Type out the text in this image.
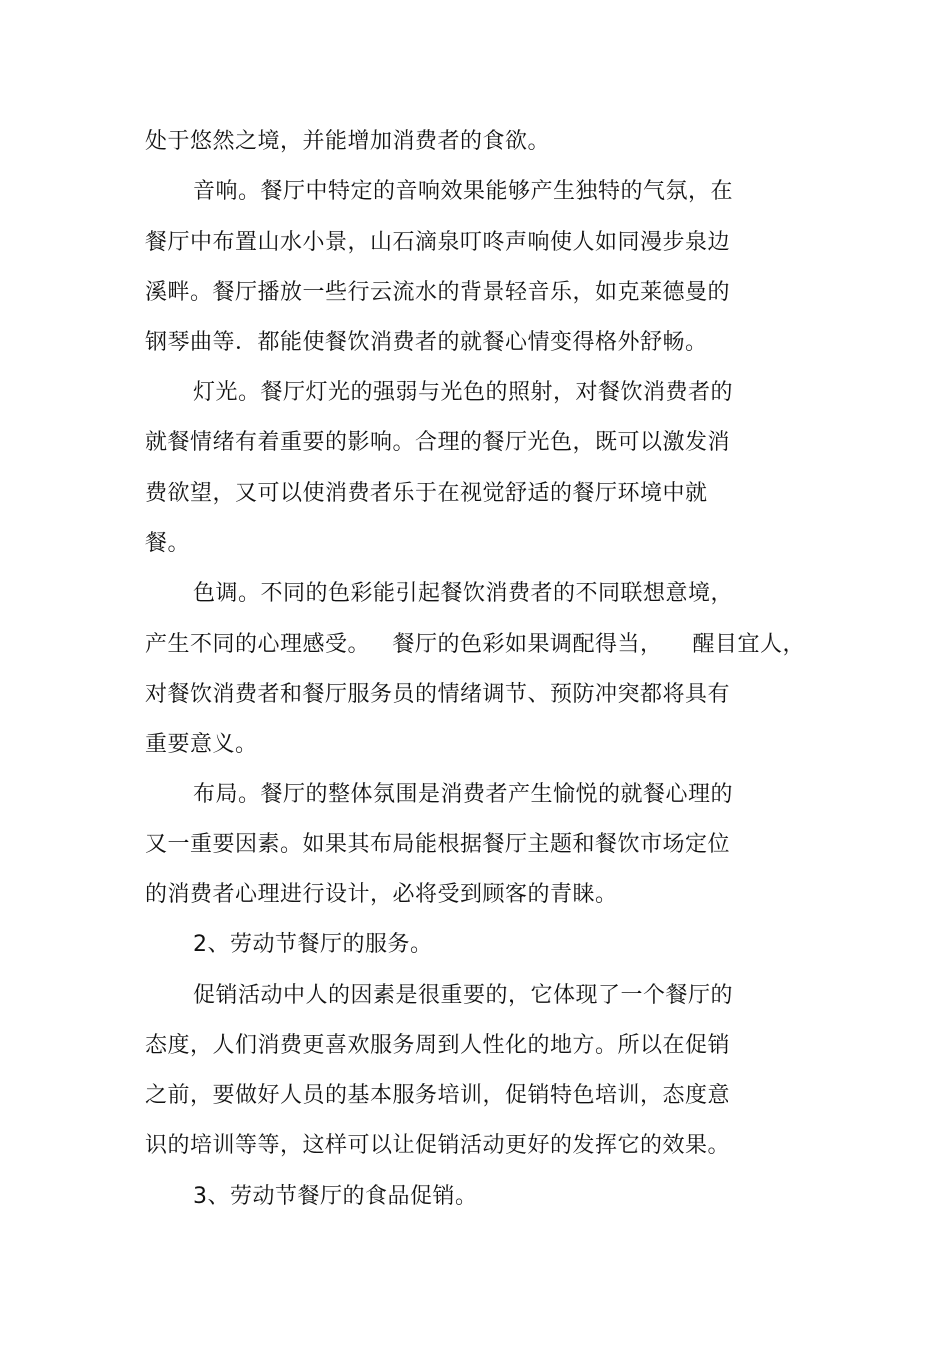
处于悠然之境，并能增加消费者的食欲。
音响。餐厅中特定的音响效果能够产生独特的气氛，在
餐厅中布置山水小景，山石滴泉叮咚声响使人如同漫步泉边
溪畔。餐厅播放一些行云流水的背景轻音乐，如克莱德曼的
钢琴曲等．都能使餐饮消费者的就餐心情变得格外舒畅。
灯光。餐厅灯光的强弱与光色的照射，对餐饮消费者的
就餐情绪有着重要的影响。合理的餐厅光色，既可以激发消
费欲望，又可以使消费者乐于在视觉舒适的餐厅环境中就
餐。
色调。不同的色彩能引起餐饮消费者的不同联想意境，
产生不同的心理感受。   餐厅的色彩如果调配得当，    醒目宜人，
对餐饮消费者和餐厅服务员的情绪调节、预防冲突都将具有
重要意义。
布局。餐厅的整体氛围是消费者产生愉悦的就餐心理的
又一重要因素。如果其布局能根据餐厅主题和餐饮市场定位
的消费者心理进行设计，必将受到顾客的青睐。
2、劳动节餐厅的服务。
促销活动中人的因素是很重要的，它体现了一个餐厅的
态度，人们消费更喜欢服务周到人性化的地方。所以在促销
之前，要做好人员的基本服务培训，促销特色培训，态度意
识的培训等等，这样可以让促销活动更好的发挥它的效果。
3、劳动节餐厅的食品促销。
